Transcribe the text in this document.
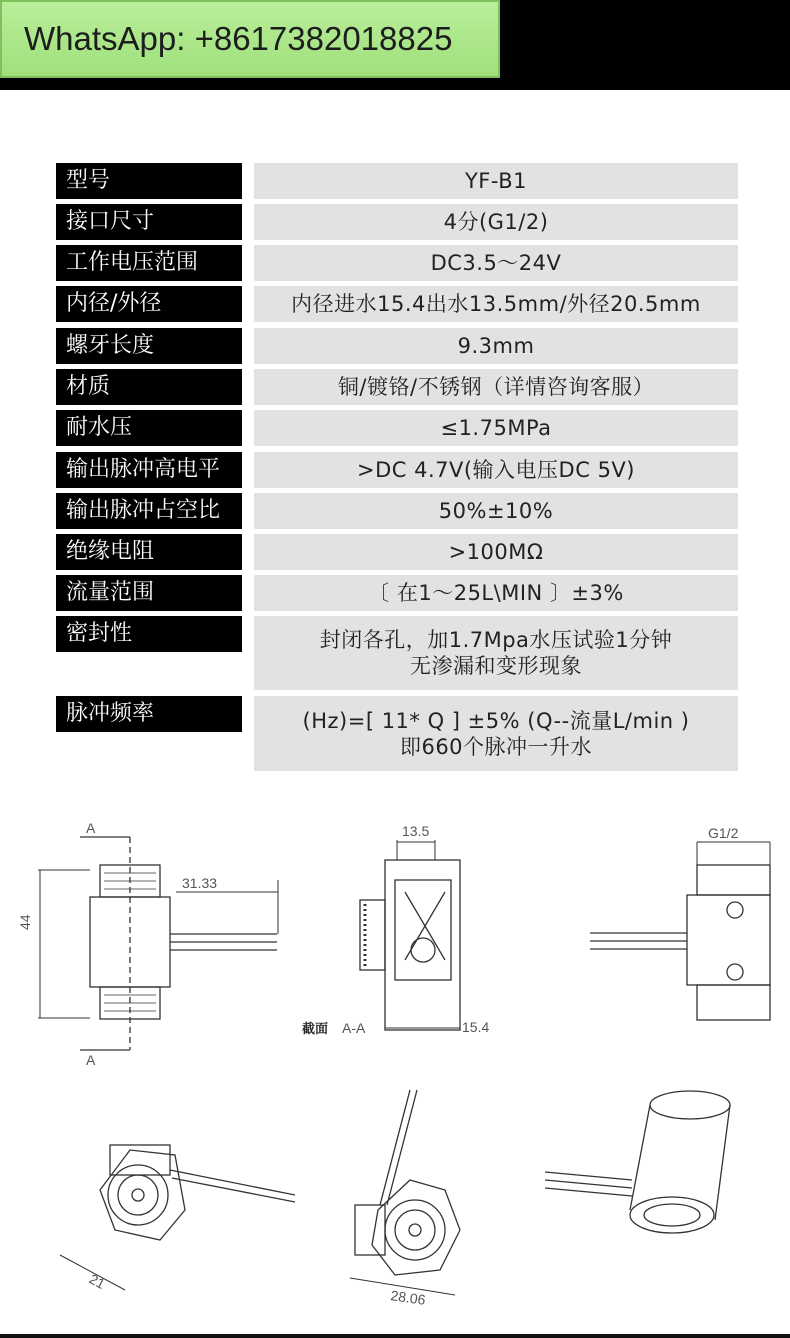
WhatsApp: +8617382018825
型号	YF-B1
接口尺寸	4分(G1/2)
工作电压范围	DC3.5～24V
内径/外径	内径进水15.4出水13.5mm/外径20.5mm
螺牙长度	9.3mm
材质	铜/镀铬/不锈钢（详情咨询客服）
耐水压	≤1.75MPa
输出脉冲高电平	>DC 4.7V(输入电压DC 5V)
输出脉冲占空比	50%±10%
绝缘电阻	>100MΩ
流量范围	〔 在1～25L\MIN 〕±3%
密封性	封闭各孔，加1.7Mpa水压试验1分钟
无渗漏和变形现象
脉冲频率	(Hz)=[ 11* Q ] ±5% (Q--流量L/min )
即660个脉冲一升水
A
A
44
31.33
13.5
15.4
截面 A-A
G1/2
21
28.06
